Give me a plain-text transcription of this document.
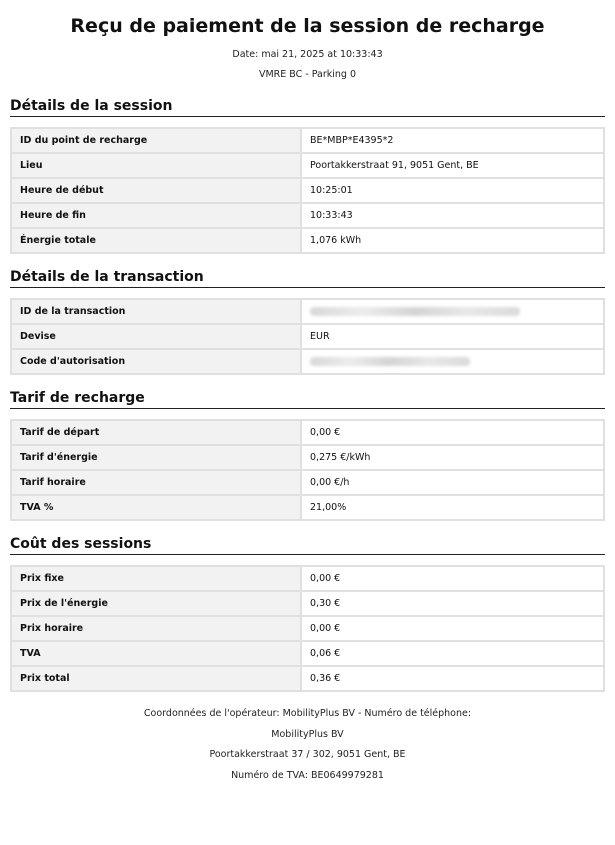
Reçu de paiement de la session de recharge
Date: mai 21, 2025 at 10:33:43
VMRE BC - Parking 0
Détails de la session
ID du point de recharge	BE*MBP*E4395*2
Lieu	Poortakkerstraat 91, 9051 Gent, BE
Heure de début	10:25:01
Heure de fin	10:33:43
Énergie totale	1,076 kWh
Détails de la transaction
ID de la transaction	
Devise	EUR
Code d'autorisation	
Tarif de recharge
Tarif de départ	0,00 €
Tarif d'énergie	0,275 €/kWh
Tarif horaire	0,00 €/h
TVA %	21,00%
Coût des sessions
Prix fixe	0,00 €
Prix de l'énergie	0,30 €
Prix horaire	0,00 €
TVA	0,06 €
Prix total	0,36 €
Coordonnées de l'opérateur: MobilityPlus BV - Numéro de téléphone:
MobilityPlus BV
Poortakkerstraat 37 / 302, 9051 Gent, BE
Numéro de TVA: BE0649979281
